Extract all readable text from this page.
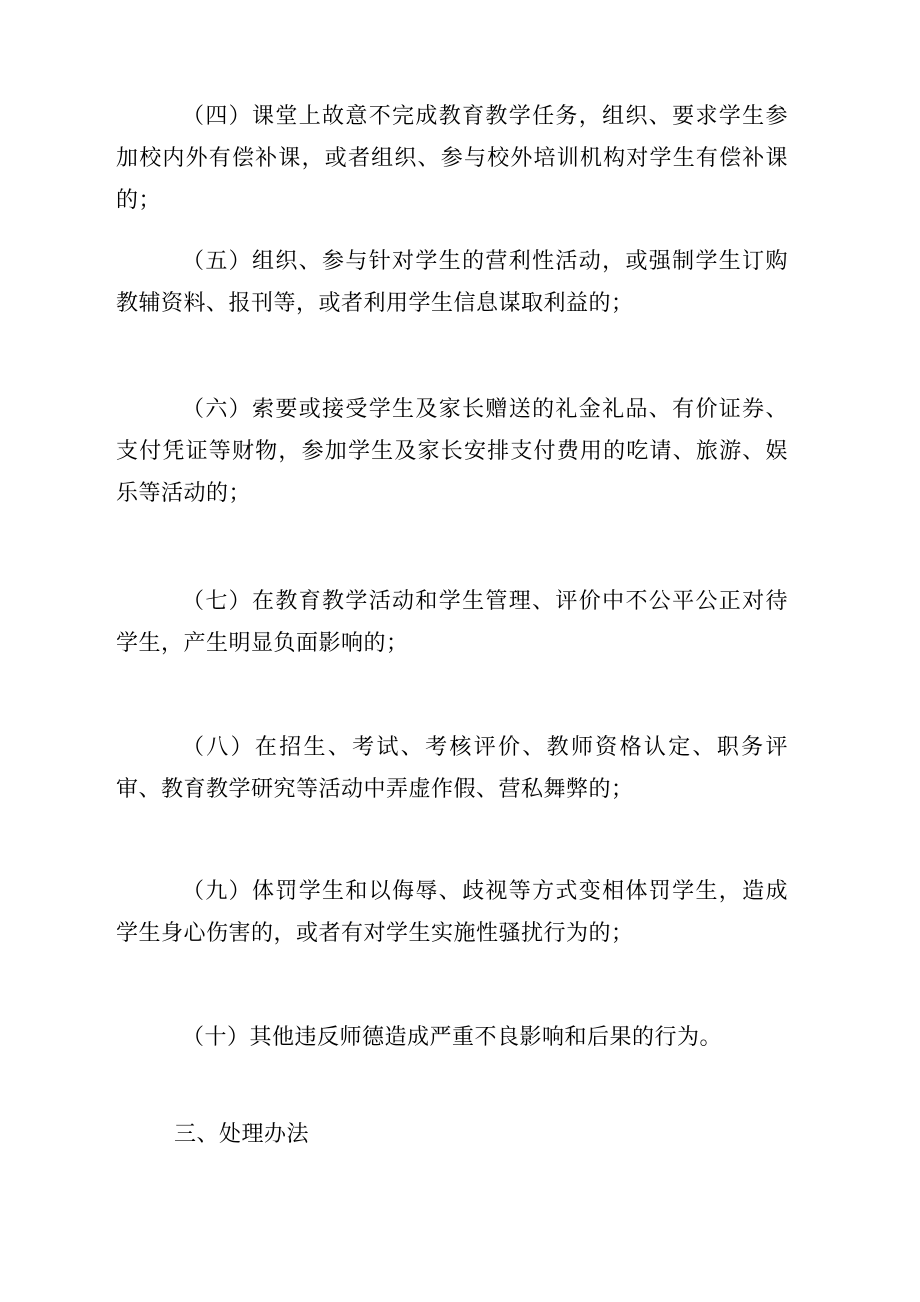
（四）课堂上故意不完成教育教学任务，组织、要求学生参加校内外有偿补课，或者组织、参与校外培训机构对学生有偿补课的；

（五）组织、参与针对学生的营利性活动，或强制学生订购教辅资料、报刊等，或者利用学生信息谋取利益的；

（六）索要或接受学生及家长赠送的礼金礼品、有价证券、支付凭证等财物，参加学生及家长安排支付费用的吃请、旅游、娱乐等活动的；

（七）在教育教学活动和学生管理、评价中不公平公正对待学生，产生明显负面影响的；

（八）在招生、考试、考核评价、教师资格认定、职务评审、教育教学研究等活动中弄虚作假、营私舞弊的；

（九）体罚学生和以侮辱、歧视等方式变相体罚学生，造成学生身心伤害的，或者有对学生实施性骚扰行为的；

（十）其他违反师德造成严重不良影响和后果的行为。

三、处理办法
